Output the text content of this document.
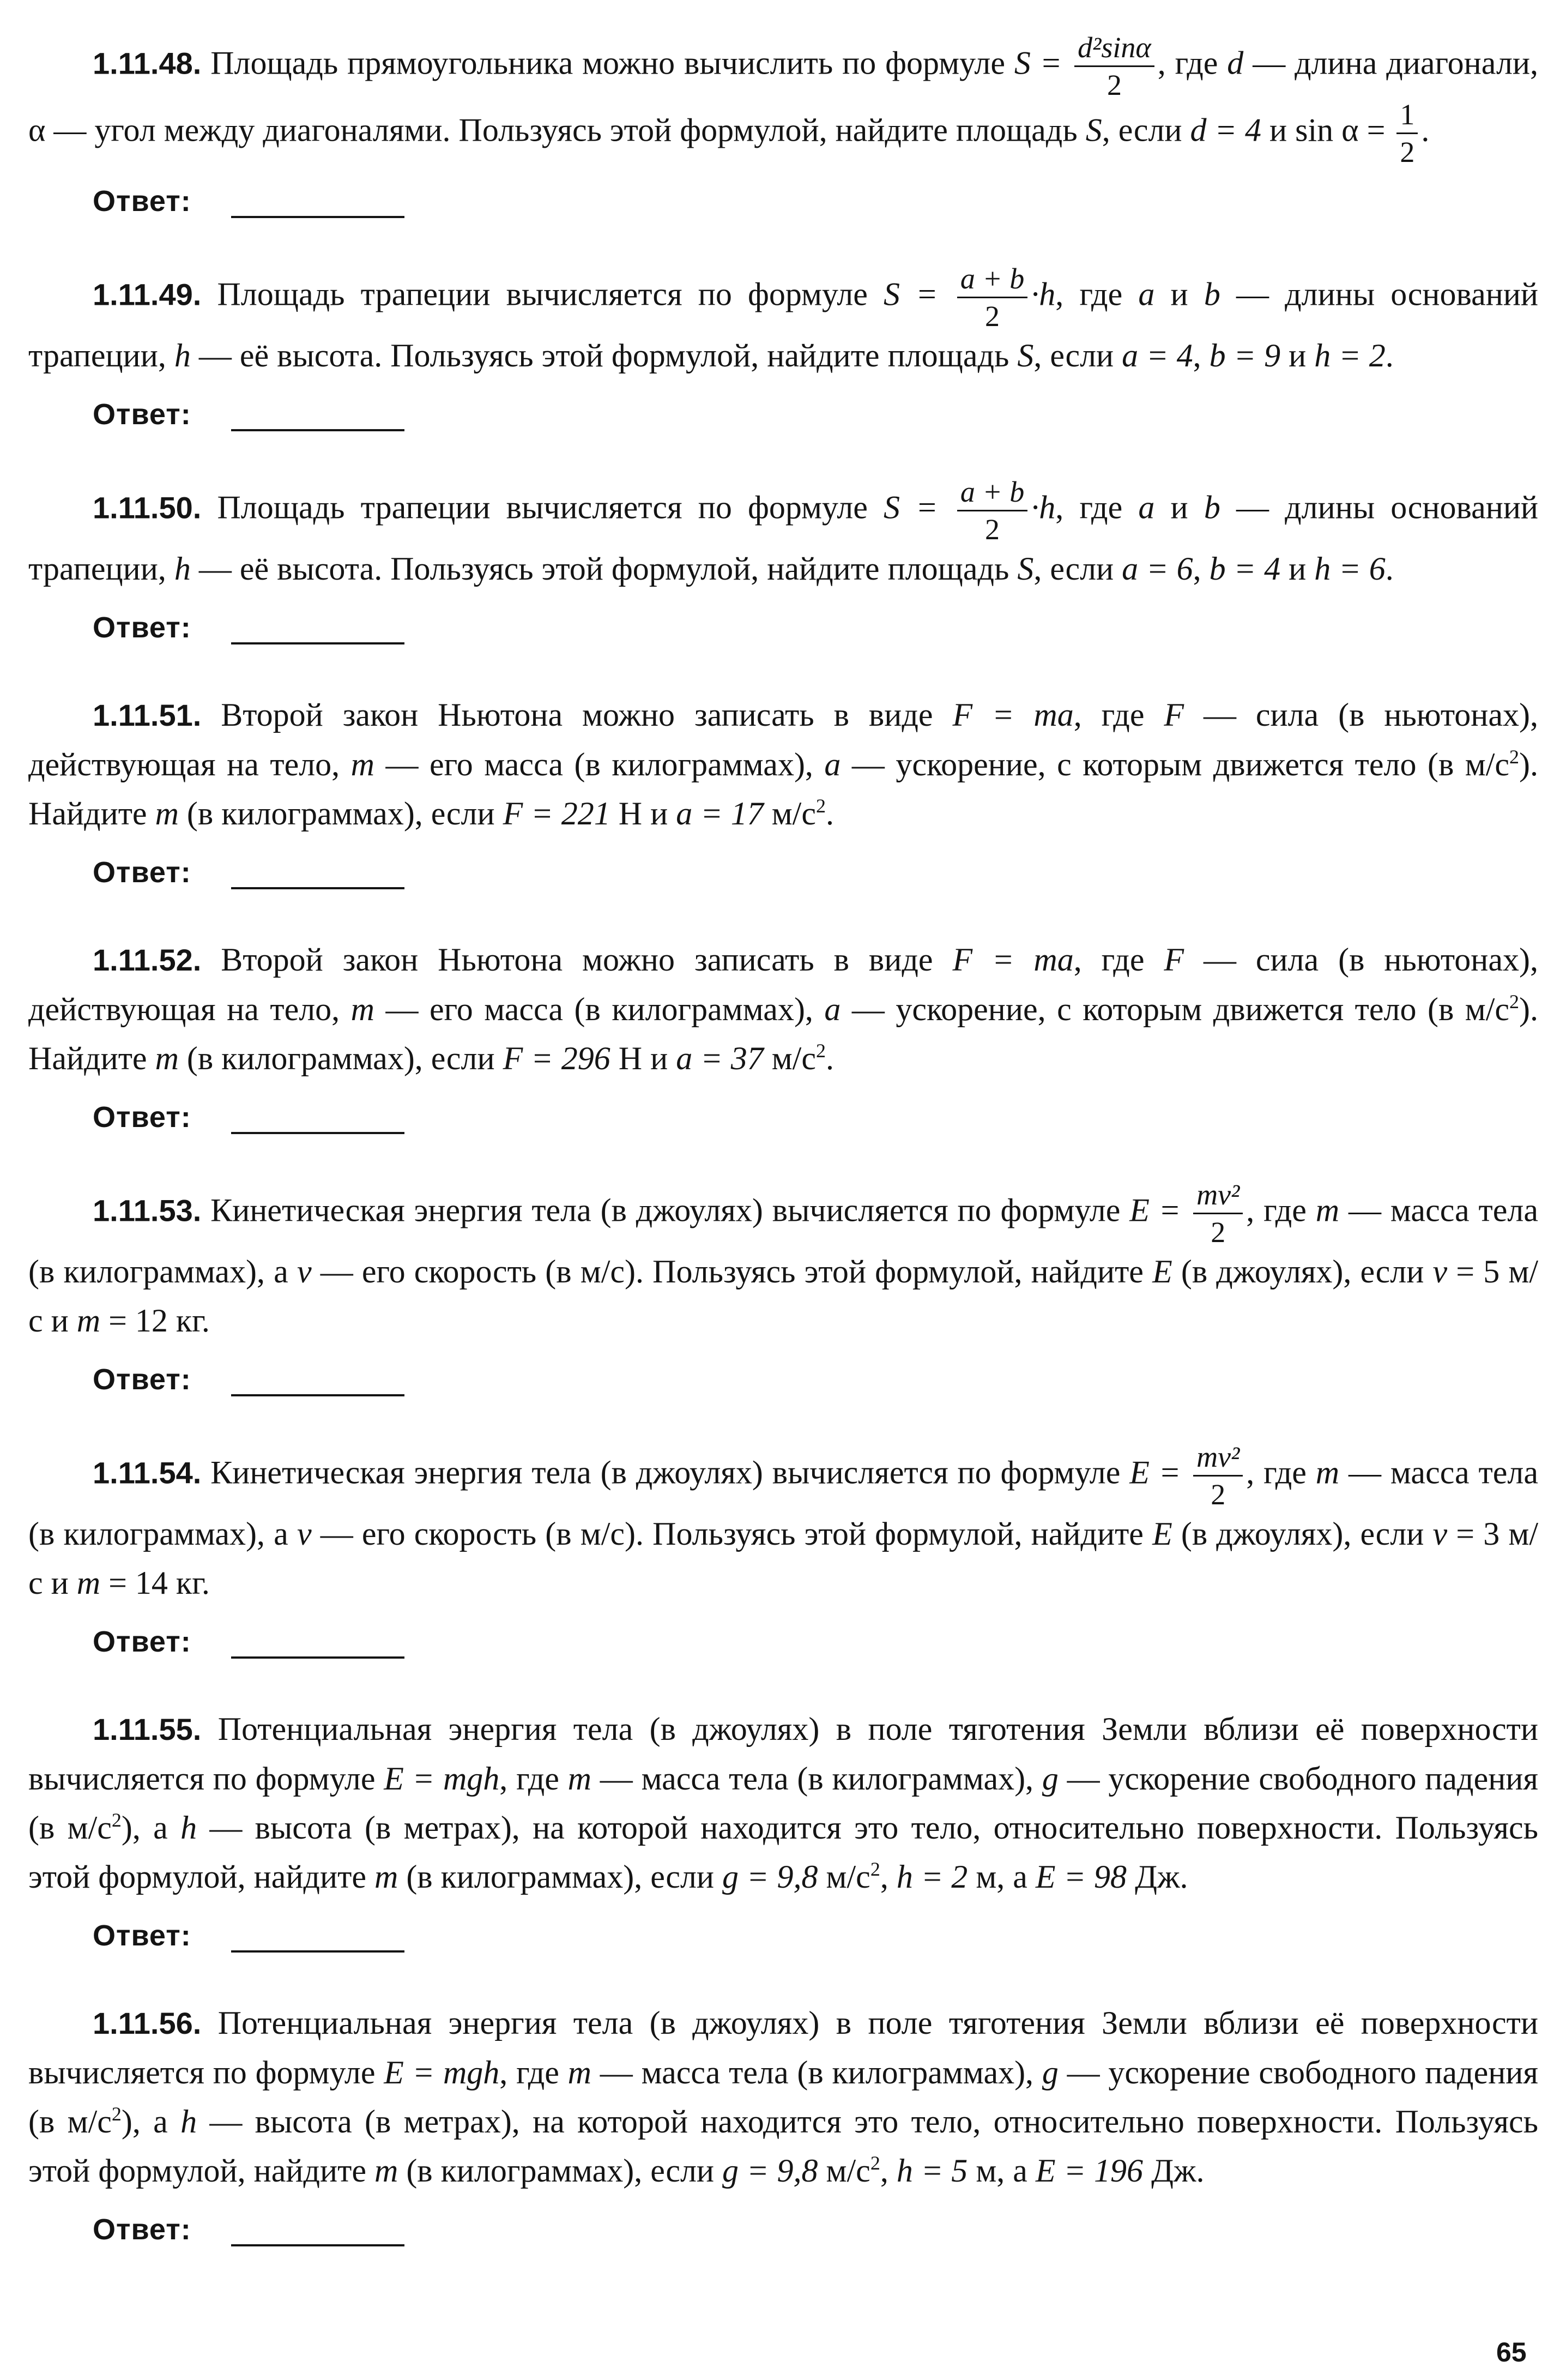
1.11.48. Площадь прямоугольника можно вычислить по формуле $S = \frac{\text{d²sinα}}{2}$ , где d — длина диагонали, α — угол между диагоналями. Пользуясь этой формулой, найдите площадь S, если d = 4 и $\sin \alpha = \frac{1}{2}$ .

Ответ:

1.11.49. Площадь трапеции вычисляется по формуле $S = \frac{a + b}{2} \cdot h$, где a и b — длины оснований трапеции, h — её высота. Пользуясь этой формулой, найдите площадь S, если a = 4, b = 9 и h = 2.

Ответ:

1.11.50. Площадь трапеции вычисляется по формуле $S = \frac{a + b}{2} \cdot h$, где a и b — длины оснований трапеции, h — её высота. Пользуясь этой формулой, найдите площадь S, если a = 6, b = 4 и h = 6.

Ответ:

1.11.51. Второй закон Ньютона можно записать в виде F = ma, где F — сила (в ньютонах), действующая на тело, m — его масса (в килограммах), a — ускорение, с которым движется тело (в $м/с^2$). Найдите m (в килограммах), если F = 221 Н и a = 17 $м/с^2$.

Ответ:

1.11.52. Второй закон Ньютона можно записать в виде F = ma, где F — сила (в ньютонах), действующая на тело, m — его масса (в килограммах), a — ускорение, с которым движется тело (в $м/с^2$). Найдите m (в килограммах), если F = 296 Н и a = 37 $м/с^2$.

Ответ:

1.11.53. Кинетическая энергия тела (в джоулях) вычисляется по формуле $E = \frac{\text{mv²}}{2}$ , где m — масса тела (в килограммах), а v — его скорость (в м/с). Пользуясь этой формулой, найдите E (в джоулях), если v = 5 м/с и m = 12 кг.

Ответ:

1.11.54. Кинетическая энергия тела (в джоулях) вычисляется по формуле $E = \frac{\text{mv²}}{2}$ , где m — масса тела (в килограммах), а v — его скорость (в м/с). Пользуясь этой формулой, найдите E (в джоулях), если v = 3 м/с и m = 14 кг.

Ответ:

1.11.55. Потенциальная энергия тела (в джоулях) в поле тяготения Земли вблизи её поверхности вычисляется по формуле E = mgh, где m — масса тела (в килограммах), g — ускорение свободного падения (в $м/с^2$), а h — высота (в метрах), на которой находится это тело, относительно поверхности. Пользуясь этой формулой, найдите m (в килограммах), если g = 9,8 $м/с^2$, h = 2 м, а E = 98 Дж.

Ответ:

1.11.56. Потенциальная энергия тела (в джоулях) в поле тяготения Земли вблизи её поверхности вычисляется по формуле E = mgh, где m — масса тела (в килограммах), g — ускорение свободного падения (в $м/с^2$), а h — высота (в метрах), на которой находится это тело, относительно поверхности. Пользуясь этой формулой, найдите m (в килограммах), если g = 9,8 $м/с^2$, h = 5 м, а E = 196 Дж.

Ответ:
65
